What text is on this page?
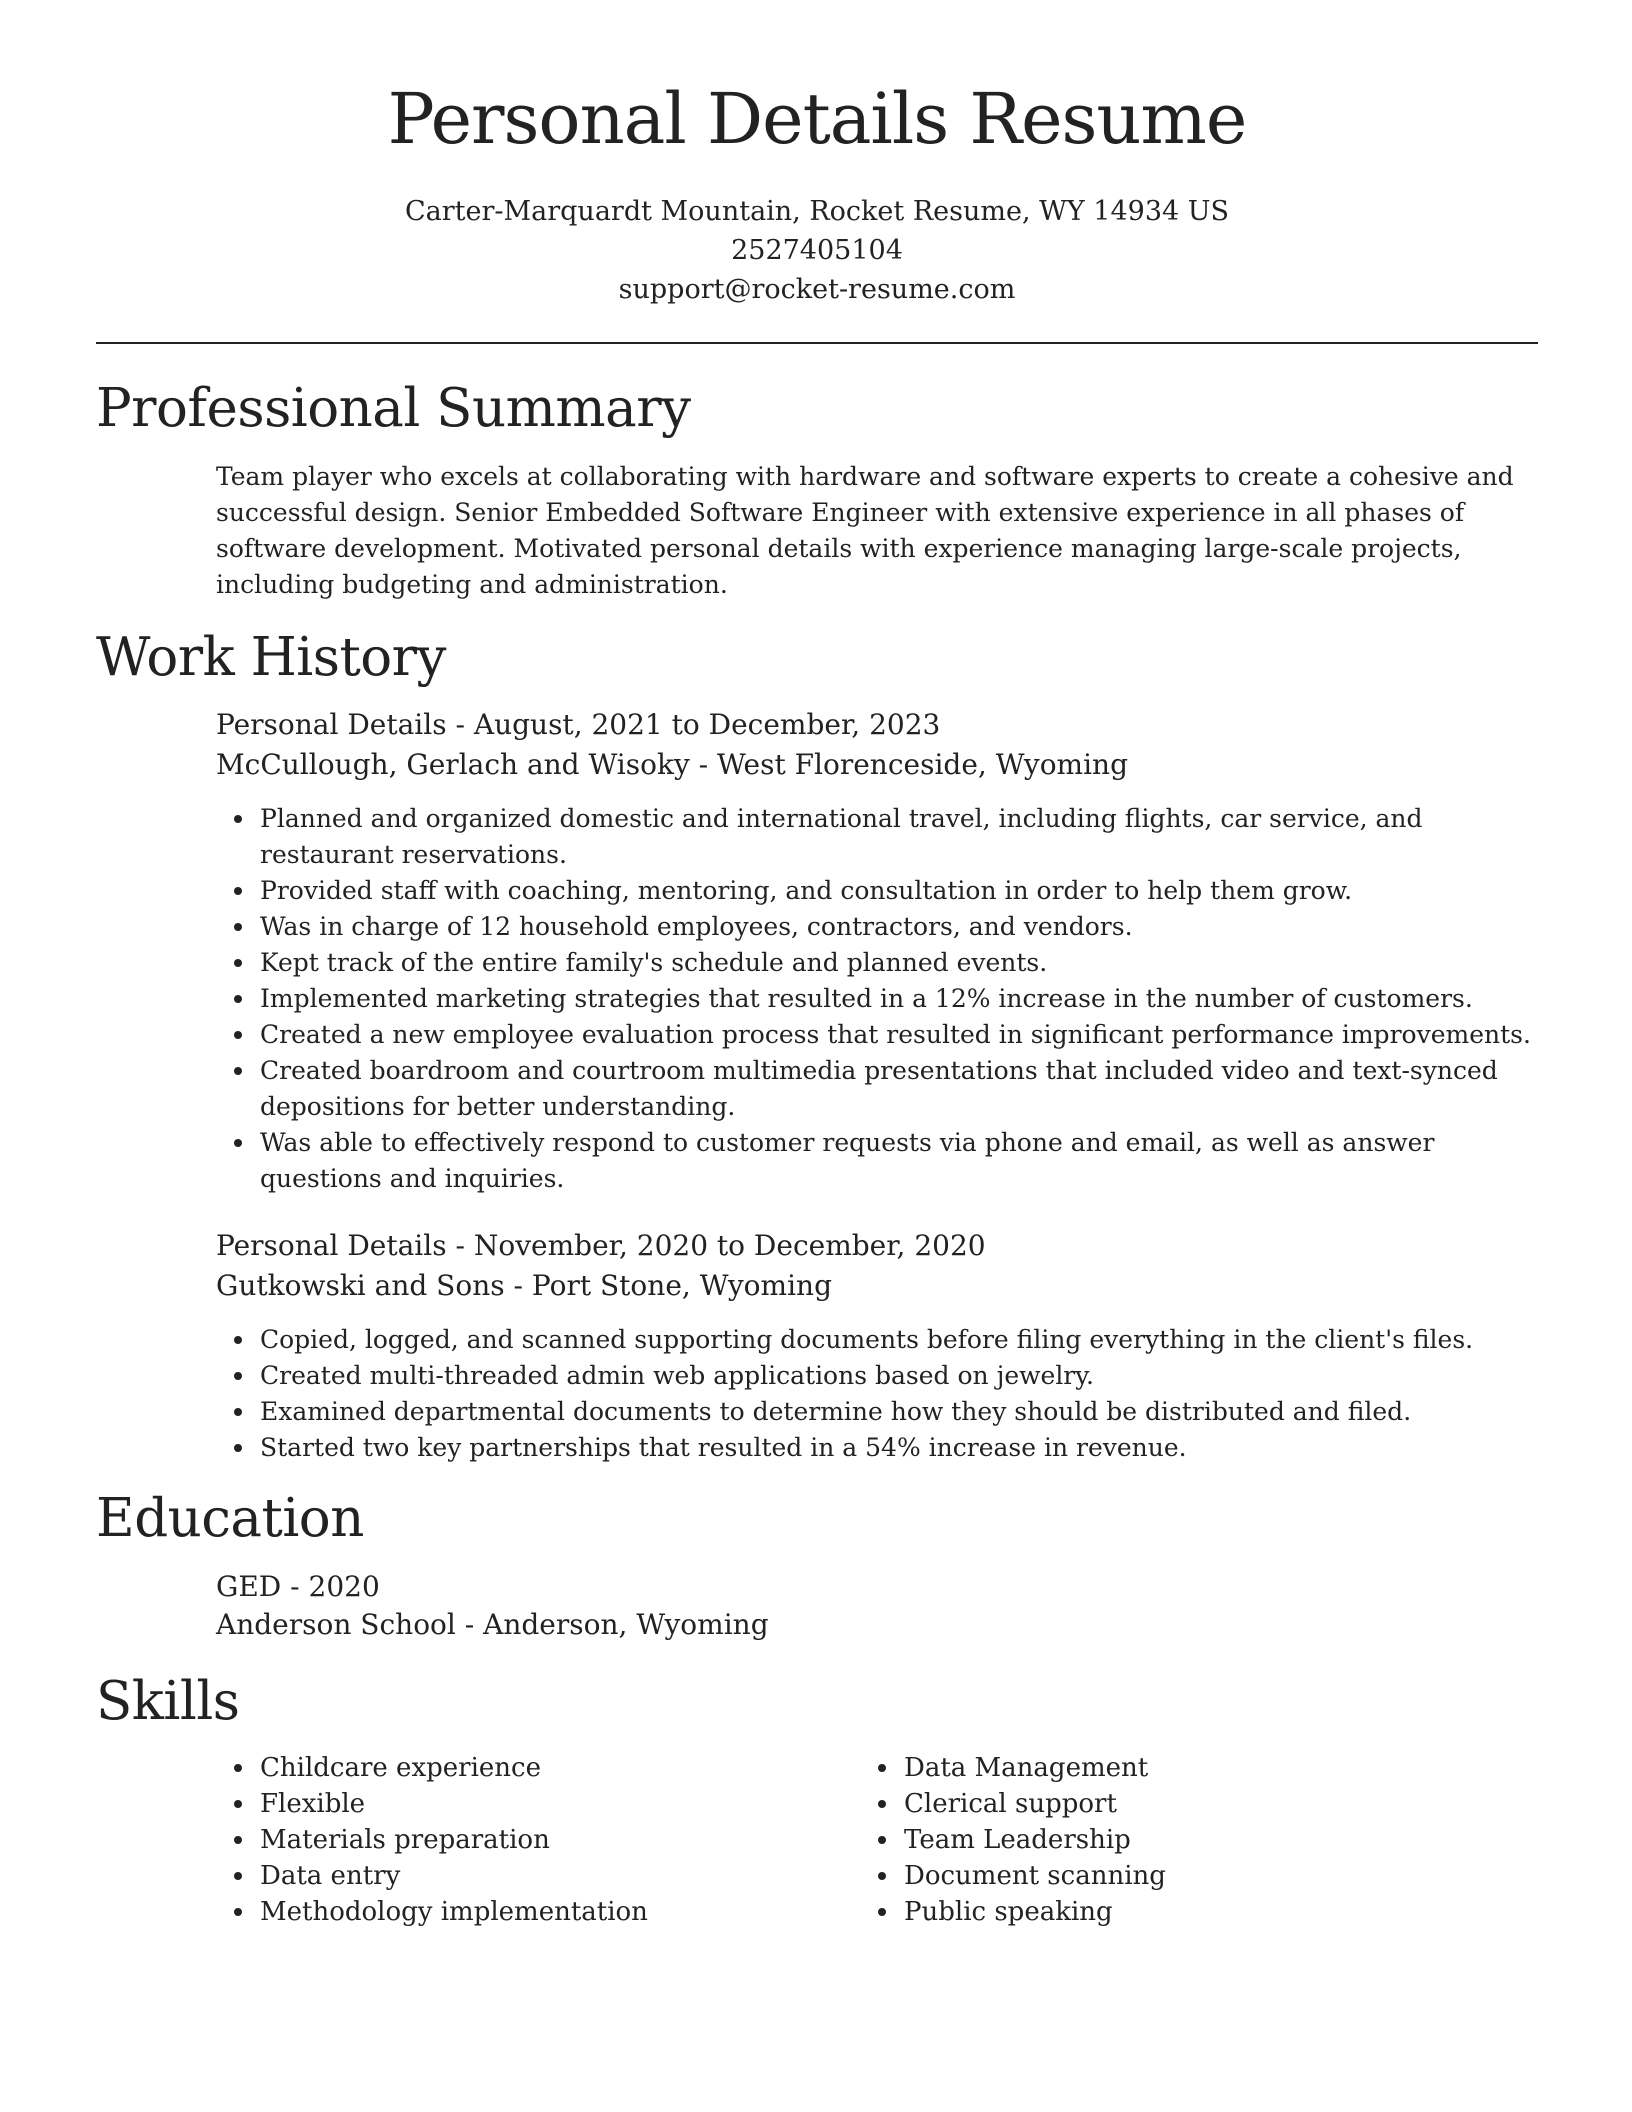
Personal Details Resume
Carter-Marquardt Mountain, Rocket Resume, WY 14934 US
2527405104
support@rocket-resume.com
Professional Summary

Team player who excels at collaborating with hardware and software experts to create a cohesive and successful design. Senior Embedded Software Engineer with extensive experience in all phases of software development. Motivated personal details with experience managing large-scale projects, including budgeting and administration.

Work History
Personal Details - August, 2021 to December, 2023
McCullough, Gerlach and Wisoky - West Florenceside, Wyoming
Planned and organized domestic and international travel, including flights, car service, and restaurant reservations.
Provided staff with coaching, mentoring, and consultation in order to help them grow.
Was in charge of 12 household employees, contractors, and vendors.
Kept track of the entire family's schedule and planned events.
Implemented marketing strategies that resulted in a 12% increase in the number of customers.
Created a new employee evaluation process that resulted in significant performance improvements.
Created boardroom and courtroom multimedia presentations that included video and text-synced depositions for better understanding.
Was able to effectively respond to customer requests via phone and email, as well as answer questions and inquiries.
Personal Details - November, 2020 to December, 2020
Gutkowski and Sons - Port Stone, Wyoming
Copied, logged, and scanned supporting documents before filing everything in the client's files.
Created multi-threaded admin web applications based on jewelry.
Examined departmental documents to determine how they should be distributed and filed.
Started two key partnerships that resulted in a 54% increase in revenue.
Education
GED - 2020
Anderson School - Anderson, Wyoming
Skills
Childcare experience
Flexible
Materials preparation
Data entry
Methodology implementation
Data Management
Clerical support
Team Leadership
Document scanning
Public speaking
